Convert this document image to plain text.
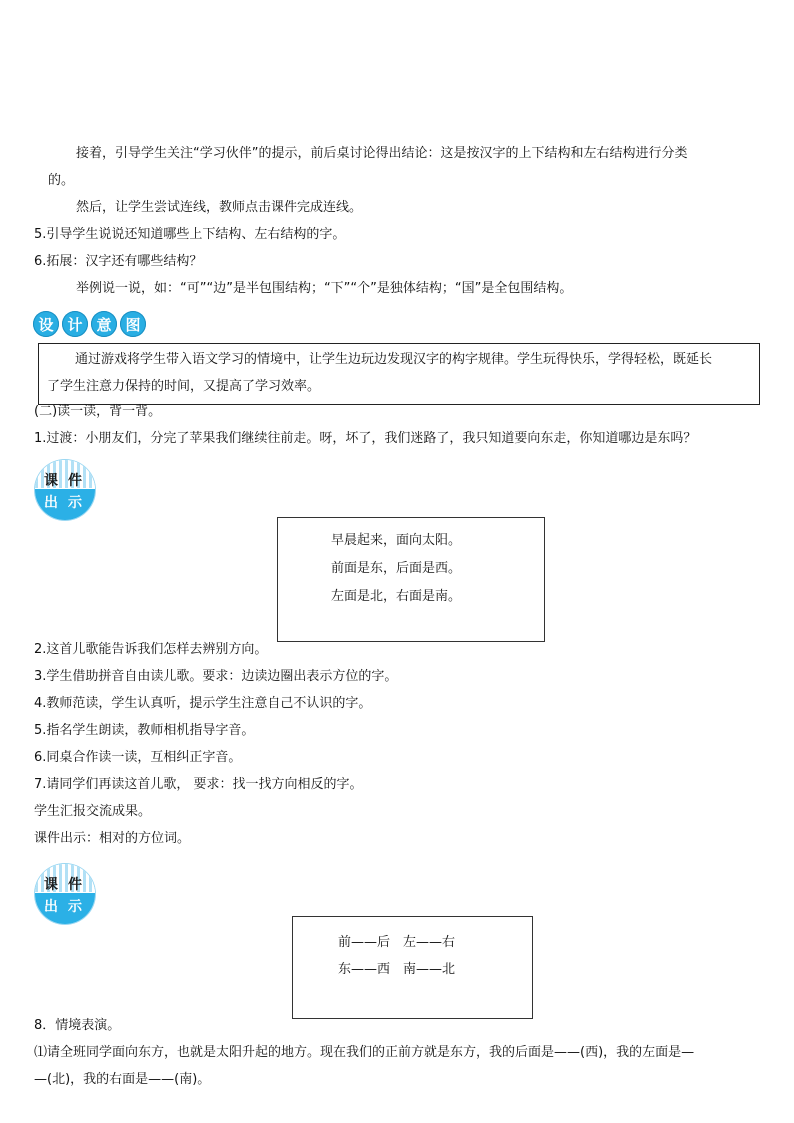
接着，引导学生关注“学习伙伴”的提示，前后桌讨论得出结论：这是按汉字的上下结构和左右结构进行分类
的。
然后，让学生尝试连线，教师点击课件完成连线。
5.引导学生说说还知道哪些上下结构、左右结构的字。
6.拓展：汉字还有哪些结构？
举例说一说，如：“可”“边”是半包围结构；“下”“个”是独体结构；“国”是全包围结构。
设 计 意 图
通过游戏将学生带入语文学习的情境中，让学生边玩边发现汉字的构字规律。学生玩得快乐，学得轻松，既延长
了学生注意力保持的时间，又提高了学习效率。
(二)读一读，背一背。
1.过渡：小朋友们，分完了苹果我们继续往前走。呀，坏了，我们迷路了，我只知道要向东走，你知道哪边是东吗？
课 件
出 示
早晨起来，面向太阳。
前面是东，后面是西。
左面是北，右面是南。
2.这首儿歌能告诉我们怎样去辨别方向。
3.学生借助拼音自由读儿歌。要求：边读边圈出表示方位的字。
4.教师范读，学生认真听，提示学生注意自己不认识的字。
5.指名学生朗读，教师相机指导字音。
6.同桌合作读一读，互相纠正字音。
7.请同学们再读这首儿歌， 要求：找一找方向相反的字。
学生汇报交流成果。
课件出示：相对的方位词。
课 件
出 示
前——后　左——右
东——西　南——北
8．情境表演。
⑴请全班同学面向东方，也就是太阳升起的地方。现在我们的正前方就是东方，我的后面是——(西)，我的左面是—
—(北)，我的右面是——(南)。
